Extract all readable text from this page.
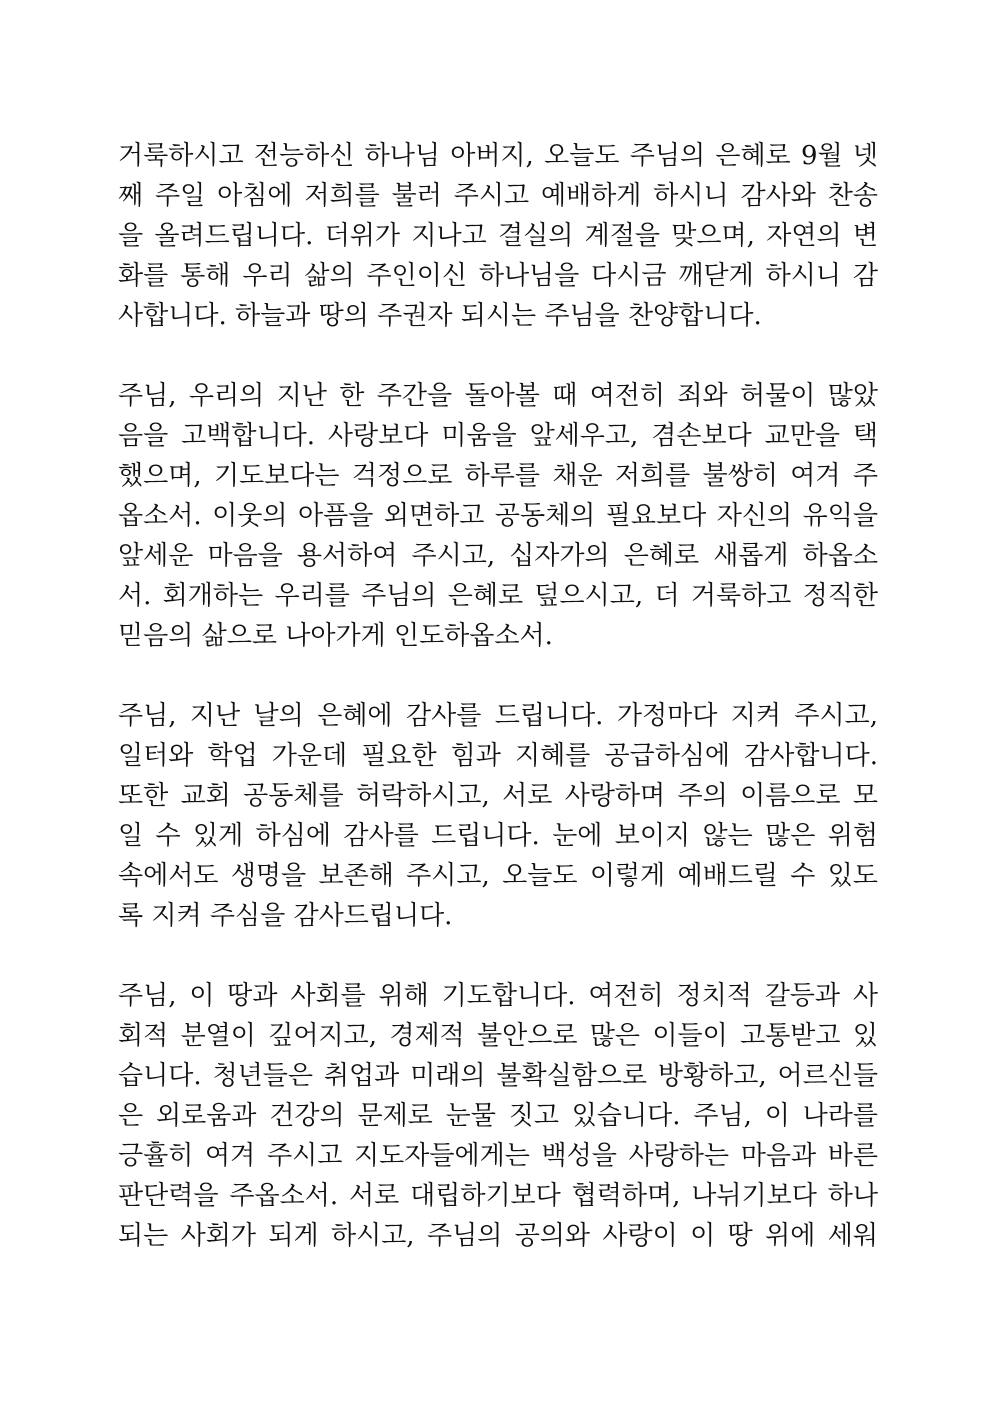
거룩하시고 전능하신 하나님 아버지, 오늘도 주님의 은혜로 9월 넷
째 주일 아침에 저희를 불러 주시고 예배하게 하시니 감사와 찬송
을 올려드립니다. 더위가 지나고 결실의 계절을 맞으며, 자연의 변
화를 통해 우리 삶의 주인이신 하나님을 다시금 깨닫게 하시니 감
사합니다. 하늘과 땅의 주권자 되시는 주님을 찬양합니다.

주님, 우리의 지난 한 주간을 돌아볼 때 여전히 죄와 허물이 많았
음을 고백합니다. 사랑보다 미움을 앞세우고, 겸손보다 교만을 택
했으며, 기도보다는 걱정으로 하루를 채운 저희를 불쌍히 여겨 주
옵소서. 이웃의 아픔을 외면하고 공동체의 필요보다 자신의 유익을
앞세운 마음을 용서하여 주시고, 십자가의 은혜로 새롭게 하옵소
서. 회개하는 우리를 주님의 은혜로 덮으시고, 더 거룩하고 정직한
믿음의 삶으로 나아가게 인도하옵소서.

주님, 지난 날의 은혜에 감사를 드립니다. 가정마다 지켜 주시고,
일터와 학업 가운데 필요한 힘과 지혜를 공급하심에 감사합니다.
또한 교회 공동체를 허락하시고, 서로 사랑하며 주의 이름으로 모
일 수 있게 하심에 감사를 드립니다. 눈에 보이지 않는 많은 위험
속에서도 생명을 보존해 주시고, 오늘도 이렇게 예배드릴 수 있도
록 지켜 주심을 감사드립니다.

주님, 이 땅과 사회를 위해 기도합니다. 여전히 정치적 갈등과 사
회적 분열이 깊어지고, 경제적 불안으로 많은 이들이 고통받고 있
습니다. 청년들은 취업과 미래의 불확실함으로 방황하고, 어르신들
은 외로움과 건강의 문제로 눈물 짓고 있습니다. 주님, 이 나라를
긍휼히 여겨 주시고 지도자들에게는 백성을 사랑하는 마음과 바른
판단력을 주옵소서. 서로 대립하기보다 협력하며, 나뉘기보다 하나
되는 사회가 되게 하시고, 주님의 공의와 사랑이 이 땅 위에 세워
